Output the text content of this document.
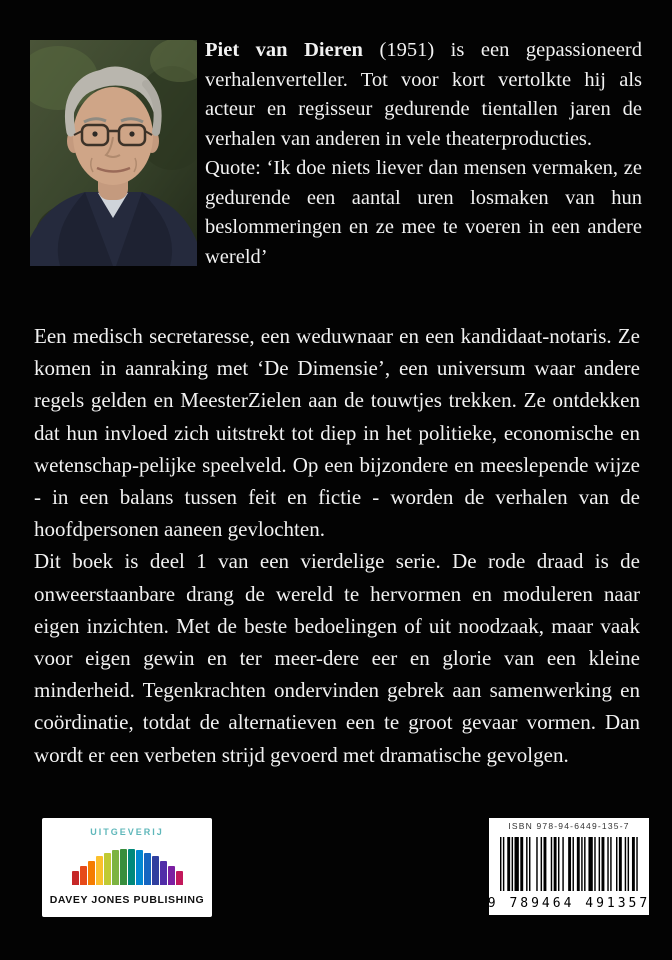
Piet van Dieren (1951) is een gepassioneerd verhalenverteller. Tot voor kort vertolkte hij als acteur en regisseur gedurende tientallen jaren de verhalen van anderen in vele theaterproducties.

Quote: ‘Ik doe niets liever dan mensen vermaken, ze gedurende een aantal uren losmaken van hun beslommeringen en ze mee te voeren in een andere wereld’

Een medisch secretaresse, een weduwnaar en een kandidaat-notaris. Ze komen in aanraking met ‘De Dimensie’, een universum waar andere regels gelden en MeesterZielen aan de touwtjes trekken. Ze ontdekken dat hun invloed zich uitstrekt tot diep in het politieke, economische en wetenschap-pelijke speelveld. Op een bijzondere en meeslepende wijze - in een balans tussen feit en fictie - worden de verhalen van de hoofdpersonen aaneen gevlochten.

Dit boek is deel 1 van een vierdelige serie. De rode draad is de onweerstaanbare drang de wereld te hervormen en moduleren naar eigen inzichten. Met de beste bedoelingen of uit noodzaak, maar vaak voor eigen gewin en ter meer-dere eer en glorie van een kleine minderheid. Tegenkrachten ondervinden gebrek aan samenwerking en coördinatie, totdat de alternatieven een te groot gevaar vormen. Dan wordt er een verbeten strijd gevoerd met dramatische gevolgen.

UITGEVERIJ
DAVEY JONES PUBLISHING
ISBN 978-94-6449-135-7
9 789464 491357
